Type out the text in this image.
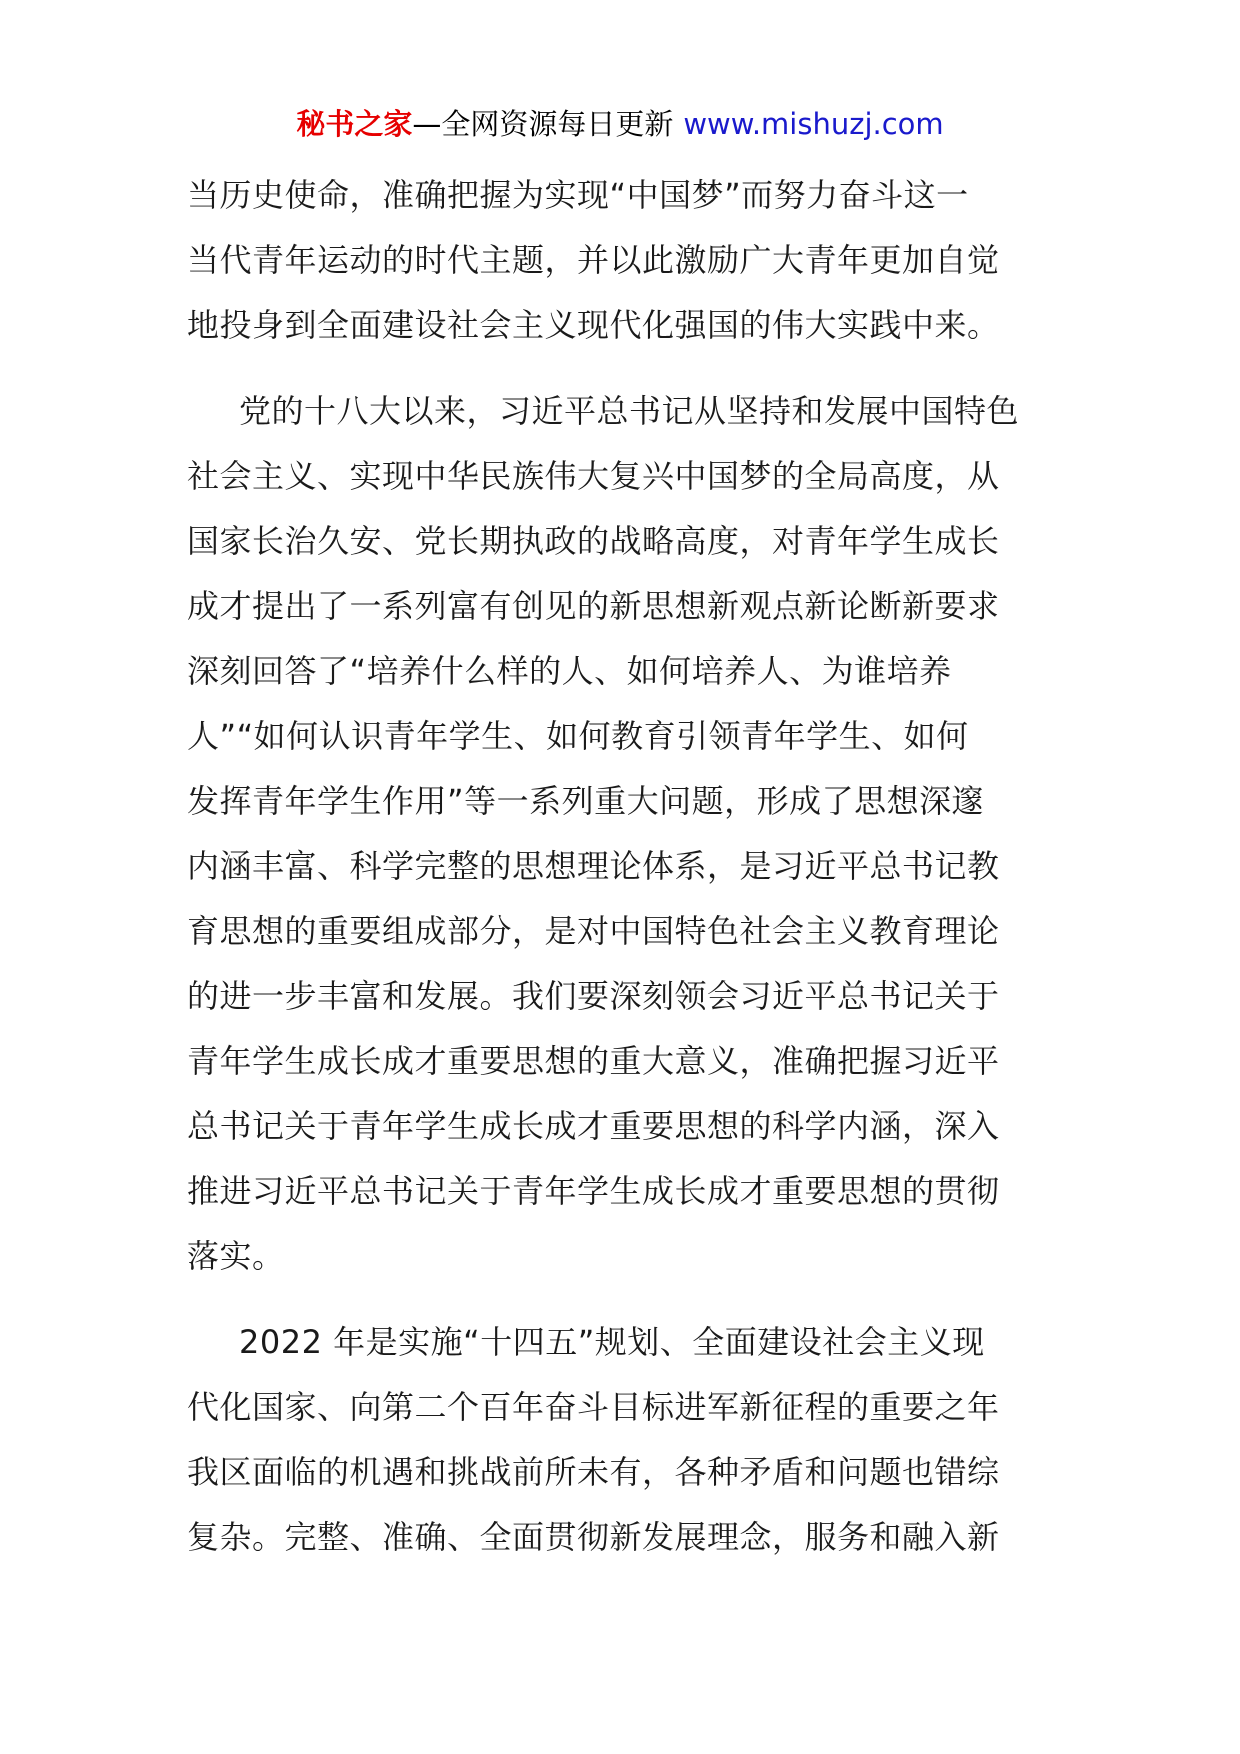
秘书之家—全网资源每日更新 www.mishuzj.com
当历史使命，准确把握为实现“中国梦”而努力奋斗这一
当代青年运动的时代主题，并以此激励广大青年更加自觉
地投身到全面建设社会主义现代化强国的伟大实践中来。
党的十八大以来，习近平总书记从坚持和发展中国特色
社会主义、实现中华民族伟大复兴中国梦的全局高度，从
国家长治久安、党长期执政的战略高度，对青年学生成长
成才提出了一系列富有创见的新思想新观点新论断新要求
深刻回答了“培养什么样的人、如何培养人、为谁培养
人”“如何认识青年学生、如何教育引领青年学生、如何
发挥青年学生作用”等一系列重大问题，形成了思想深邃
内涵丰富、科学完整的思想理论体系，是习近平总书记教
育思想的重要组成部分，是对中国特色社会主义教育理论
的进一步丰富和发展。我们要深刻领会习近平总书记关于
青年学生成长成才重要思想的重大意义，准确把握习近平
总书记关于青年学生成长成才重要思想的科学内涵，深入
推进习近平总书记关于青年学生成长成才重要思想的贯彻
落实。
2022 年是实施“十四五”规划、全面建设社会主义现
代化国家、向第二个百年奋斗目标进军新征程的重要之年
我区面临的机遇和挑战前所未有，各种矛盾和问题也错综
复杂。完整、准确、全面贯彻新发展理念，服务和融入新
